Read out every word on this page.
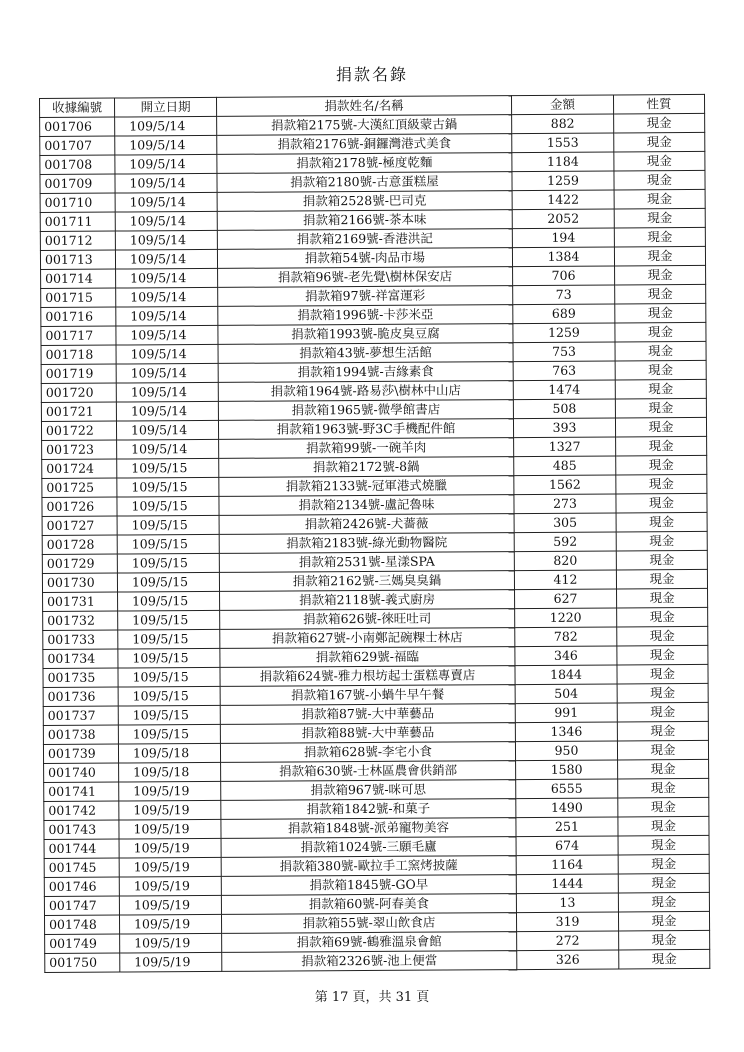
捐款名錄
收據編號	開立日期	捐款姓名/名稱	金額	性質
001706	109/5/14	捐款箱2175號-大漢紅頂級蒙古鍋	882	現金
001707	109/5/14	捐款箱2176號-銅鑼灣港式美食	1553	現金
001708	109/5/14	捐款箱2178號-極度乾麵	1184	現金
001709	109/5/14	捐款箱2180號-古意蛋糕屋	1259	現金
001710	109/5/14	捐款箱2528號-巴司克	1422	現金
001711	109/5/14	捐款箱2166號-茶本味	2052	現金
001712	109/5/14	捐款箱2169號-香港洪記	194	現金
001713	109/5/14	捐款箱54號-肉品市場	1384	現金
001714	109/5/14	捐款箱96號-老先覺\樹林保安店	706	現金
001715	109/5/14	捐款箱97號-祥富運彩	73	現金
001716	109/5/14	捐款箱1996號-卡莎米亞	689	現金
001717	109/5/14	捐款箱1993號-脆皮臭豆腐	1259	現金
001718	109/5/14	捐款箱43號-夢想生活館	753	現金
001719	109/5/14	捐款箱1994號-吉緣素食	763	現金
001720	109/5/14	捐款箱1964號-路易莎\樹林中山店	1474	現金
001721	109/5/14	捐款箱1965號-微學館書店	508	現金
001722	109/5/14	捐款箱1963號-野3C手機配件館	393	現金
001723	109/5/14	捐款箱99號-一碗羊肉	1327	現金
001724	109/5/15	捐款箱2172號-8鍋	485	現金
001725	109/5/15	捐款箱2133號-冠軍港式燒臘	1562	現金
001726	109/5/15	捐款箱2134號-盧記魯味	273	現金
001727	109/5/15	捐款箱2426號-犬薔薇	305	現金
001728	109/5/15	捐款箱2183號-綠光動物醫院	592	現金
001729	109/5/15	捐款箱2531號-星漾SPA	820	現金
001730	109/5/15	捐款箱2162號-三媽臭臭鍋	412	現金
001731	109/5/15	捐款箱2118號-義式廚房	627	現金
001732	109/5/15	捐款箱626號-徠旺吐司	1220	現金
001733	109/5/15	捐款箱627號-小南鄭記碗粿士林店	782	現金
001734	109/5/15	捐款箱629號-福臨	346	現金
001735	109/5/15	捐款箱624號-雅力根坊起士蛋糕專賣店	1844	現金
001736	109/5/15	捐款箱167號-小蝸牛早午餐	504	現金
001737	109/5/15	捐款箱87號-大中華藝品	991	現金
001738	109/5/15	捐款箱88號-大中華藝品	1346	現金
001739	109/5/18	捐款箱628號-李宅小食	950	現金
001740	109/5/18	捐款箱630號-士林區農會供銷部	1580	現金
001741	109/5/19	捐款箱967號-咪可思	6555	現金
001742	109/5/19	捐款箱1842號-和菓子	1490	現金
001743	109/5/19	捐款箱1848號-派弟寵物美容	251	現金
001744	109/5/19	捐款箱1024號-三願毛廬	674	現金
001745	109/5/19	捐款箱380號-歐拉手工窯烤披薩	1164	現金
001746	109/5/19	捐款箱1845號-GO早	1444	現金
001747	109/5/19	捐款箱60號-阿春美食	13	現金
001748	109/5/19	捐款箱55號-翠山飲食店	319	現金
001749	109/5/19	捐款箱69號-鶴雅溫泉會館	272	現金
001750	109/5/19	捐款箱2326號-池上便當	326	現金
第 17 頁，共 31 頁
